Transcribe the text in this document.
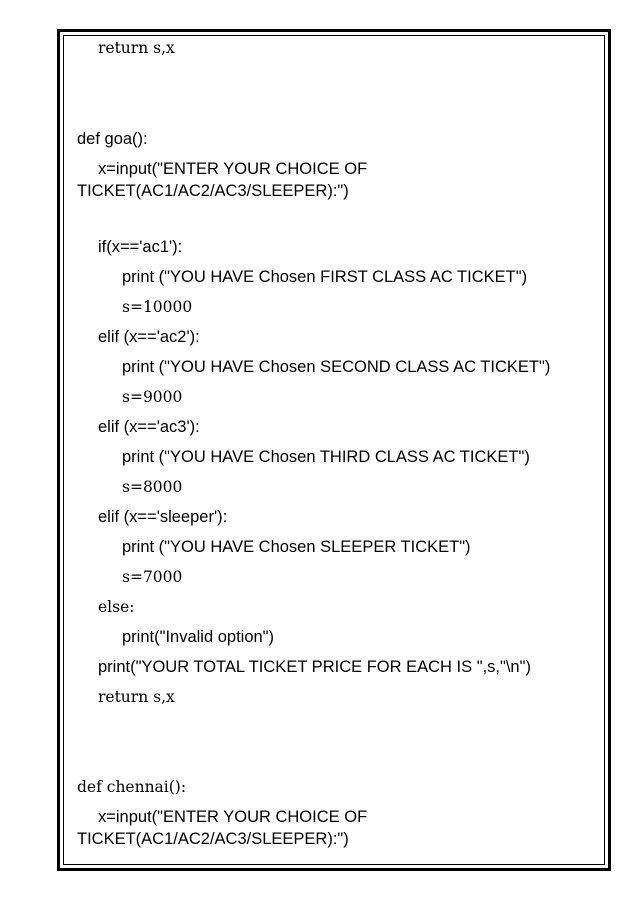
return s,x
def goa():
x=input("ENTER YOUR CHOICE OF
TICKET(AC1/AC2/AC3/SLEEPER):")
if(x=='ac1'):
print ("YOU HAVE Chosen FIRST CLASS AC TICKET")
s=10000
elif (x=='ac2'):
print ("YOU HAVE Chosen SECOND CLASS AC TICKET")
s=9000
elif (x=='ac3'):
print ("YOU HAVE Chosen THIRD CLASS AC TICKET")
s=8000
elif (x=='sleeper'):
print ("YOU HAVE Chosen SLEEPER TICKET")
s=7000
else:
print("Invalid option")
print("YOUR TOTAL TICKET PRICE FOR EACH IS ",s,"\n")
return s,x
def chennai():
x=input("ENTER YOUR CHOICE OF
TICKET(AC1/AC2/AC3/SLEEPER):")
